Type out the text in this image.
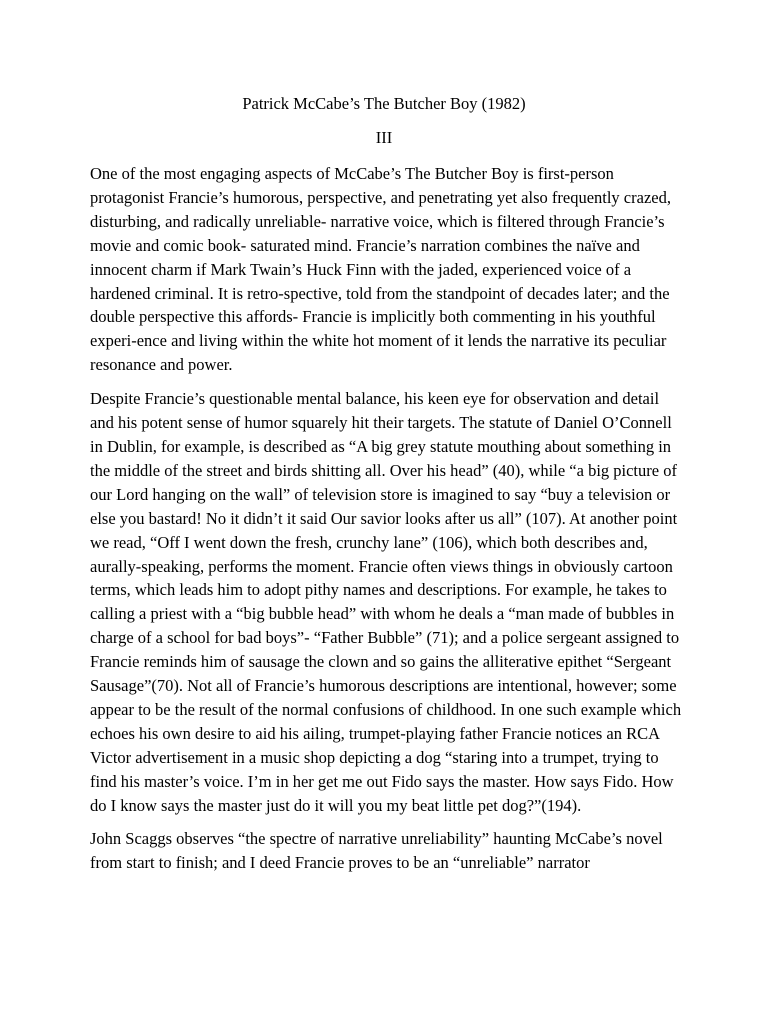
Patrick McCabe’s The Butcher Boy (1982)
III

One of the most engaging aspects of McCabe’s The Butcher Boy is first-person protagonist Francie’s humorous, perspective, and penetrating yet also frequently crazed, disturbing, and radically unreliable- narrative voice, which is filtered through Francie’s movie and comic book- saturated mind. Francie’s narration combines the naïve and innocent charm if Mark Twain’s Huck Finn with the jaded, experienced voice of a hardened criminal. It is retro-spective, told from the standpoint of decades later; and the double perspective this affords- Francie is implicitly both commenting in his youthful experi-ence and living within the white hot moment of it lends the narrative its peculiar resonance and power.

Despite Francie’s questionable mental balance, his keen eye for observation and detail and his potent sense of humor squarely hit their targets. The statute of Daniel O’Connell in Dublin, for example, is described as “A big grey statute mouthing about something in the middle of the street and birds shitting all. Over his head” (40), while “a big picture of our Lord hanging on the wall” of television store is imagined to say “buy a television or else you bastard! No it didn’t it said Our savior looks after us all” (107). At another point we read, “Off I went down the fresh, crunchy lane” (106), which both describes and, aurally-speaking, performs the moment. Francie often views things in obviously cartoon terms, which leads him to adopt pithy names and descriptions. For example, he takes to calling a priest with a “big bubble head” with whom he deals a “man made of bubbles in charge of a school for bad boys”- “Father Bubble” (71); and a police sergeant assigned to Francie reminds him of sausage the clown and so gains the alliterative epithet “Sergeant Sausage”(70). Not all of Francie’s humorous descriptions are intentional, however; some appear to be the result of the normal confusions of childhood. In one such example which echoes his own desire to aid his ailing, trumpet-playing father Francie notices an RCA Victor advertisement in a music shop depicting a dog “staring into a trumpet, trying to find his master’s voice. I’m in her get me out Fido says the master. How says Fido. How do I know says the master just do it will you my beat little pet dog?”(194).

John Scaggs observes “the spectre of narrative unreliability” haunting McCabe’s novel from start to finish; and I deed Francie proves to be an “unreliable” narrator
